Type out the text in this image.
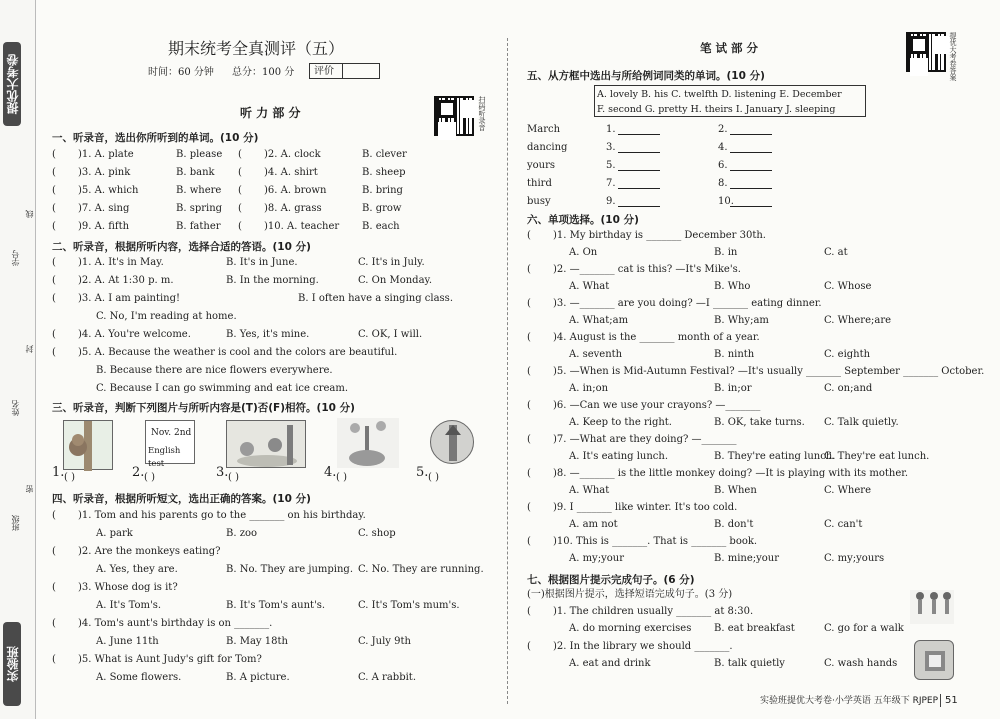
提优大考卷
学号
姓名
班级
线
封
密
实验班
期末统考全真测评（五）
时间：60 分钟 总分：100 分 评价
听 力 部 分	扫码听录音
一、听录音，选出你所听到的单词。(10 分)
( )1. A. plate	B. please ( )2. A. clock	B. clever
( )3. A. pink	B. bank ( )4. A. shirt	B. sheep
( )5. A. which	B. where ( )6. A. brown	B. bring
( )7. A. sing	B. spring ( )8. A. grass	B. grow
( )9. A. fifth	B. father ( )10. A. teacher B. each
二、听录音，根据所听内容，选择合适的答语。(10 分)
( )1. A. It's in May.	B. It's in June.	C. It's in July.
( )2. A. At 1:30 p. m.	B. In the morning.	C. On Monday.
( )3. A. I am painting!	B. I often have a singing class.
C. No, I'm reading at home.
( )4. A. You're welcome.	B. Yes, it's mine.	C. OK, I will.
( )5. A. Because the weather is cool and the colors are beautiful.
B. Because there are nice flowers everywhere.
C. Because I can go swimming and eat ice cream.
三、听录音，判断下列图片与所听内容是(T)否(F)相符。(10 分)
Nov. 2nd
English test
1. ( )	2. ( )	3. ( )	4. ( )	5. ( )
四、听录音，根据所听短文，选出正确的答案。(10 分)
( )1. Tom and his parents go to the _______ on his birthday.
A. park	B. zoo	C. shop
( )2. Are the monkeys eating?
A. Yes, they are.	B. No. They are jumping. C. No. They are running.
( )3. Whose dog is it?
A. It's Tom's.	B. It's Tom's aunt's.	C. It's Tom's mum's.
( )4. Tom's aunt's birthday is on _______.
A. June 11th	B. May 18th	C. July 9th
( )5. What is Aunt Judy's gift for Tom?
A. Some flowers.	B. A picture.	C. A rabbit.
笔 试 部 分	提优大考卷答案
五、从方框中选出与所给例词同类的单词。(10 分)
A. lovely B. his C. twelfth D. listening E. December
F. second G. pretty H. theirs I. January J. sleeping
March	1.	2.
dancing	3.	4.
yours	5.	6.
third	7.	8.
busy	9.	10.
六、单项选择。(10 分)
( )1. My birthday is _______ December 30th.
A. On	B. in	C. at
( )2. —_______ cat is this? —It's Mike's.
A. What	B. Who	C. Whose
( )3. —_______ are you doing? —I _______ eating dinner.
A. What;am	B. Why;am	C. Where;are
( )4. August is the _______ month of a year.
A. seventh	B. ninth	C. eighth
( )5. —When is Mid-Autumn Festival? —It's usually _______ September _______ October.
A. in;on	B. in;or	C. on;and
( )6. —Can we use your crayons? —_______
A. Keep to the right.	B. OK, take turns. C. Talk quietly.
( )7. —What are they doing? —_______
A. It's eating lunch.	B. They're eating lunch.
C. They're eat lunch.
( )8. —_______ is the little monkey doing? —It is playing with its mother.
A. What	B. When	C. Where
( )9. I _______ like winter. It's too cold.
A. am not	B. don't	C. can't
( )10. This is _______. That is _______ book.
A. my;your	B. mine;your	C. my;yours
七、根据图片提示完成句子。(6 分)
(一)根据图片提示，选择短语完成句子。(3 分)
( )1. The children usually _______ at 8:30.
A. do morning exercises B. eat breakfast	C. go for a walk
( )2. In the library we should _______.
A. eat and drink	B. talk quietly	C. wash hands
实验班提优大考卷·小学英语 五年级下 RJPEP 51
